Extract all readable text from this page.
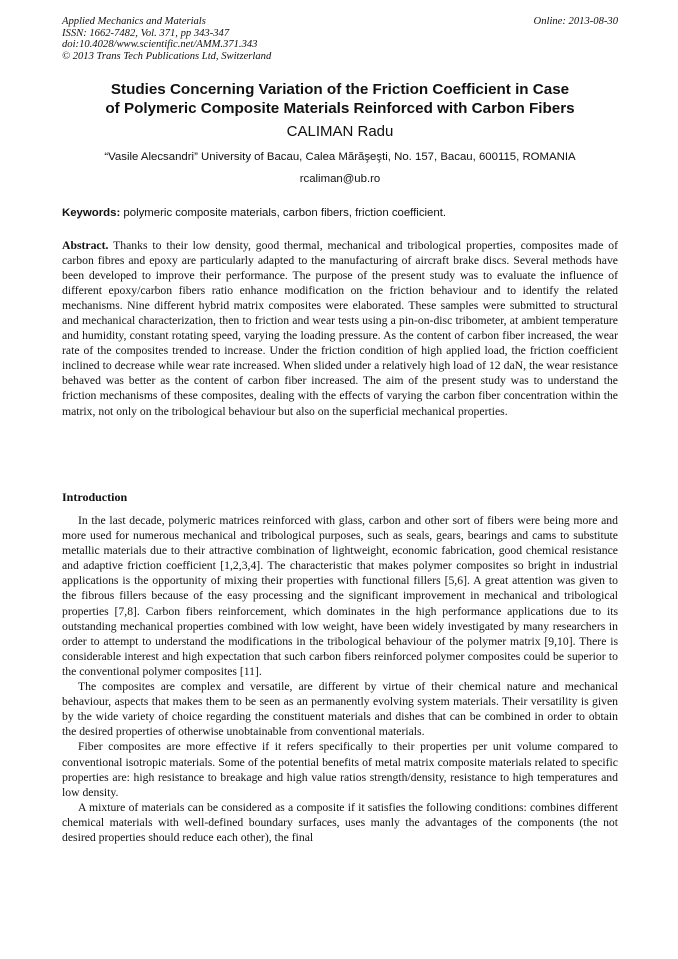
Applied Mechanics and Materials
ISSN: 1662-7482, Vol. 371, pp 343-347
doi:10.4028/www.scientific.net/AMM.371.343
© 2013 Trans Tech Publications Ltd, Switzerland
Online: 2013-08-30
Studies Concerning Variation of the Friction Coefficient in Case
of Polymeric Composite Materials Reinforced with Carbon Fibers
CALIMAN Radu
“Vasile Alecsandri” University of Bacau, Calea Mărăşeşti, No. 157, Bacau, 600115, ROMANIA
rcaliman@ub.ro
Keywords: polymeric composite materials, carbon fibers, friction coefficient.
Abstract. Thanks to their low density, good thermal, mechanical and tribological properties, composites made of carbon fibres and epoxy are particularly adapted to the manufacturing of aircraft brake discs. Several methods have been developed to improve their performance. The purpose of the present study was to evaluate the influence of different epoxy/carbon fibers ratio enhance modification on the friction behaviour and to identify the related mechanisms. Nine different hybrid matrix composites were elaborated. These samples were submitted to structural and mechanical characterization, then to friction and wear tests using a pin-on-disc tribometer, at ambient temperature and humidity, constant rotating speed, varying the loading pressure. As the content of carbon fiber increased, the wear rate of the composites trended to increase. Under the friction condition of high applied load, the friction coefficient inclined to decrease while wear rate increased. When slided under a relatively high load of 12 daN, the wear resistance behaved was better as the content of carbon fiber increased. The aim of the present study was to understand the friction mechanisms of these composites, dealing with the effects of varying the carbon fiber concentration within the matrix, not only on the tribological behaviour but also on the superficial mechanical properties.
Introduction

In the last decade, polymeric matrices reinforced with glass, carbon and other sort of fibers were being more and more used for numerous mechanical and tribological purposes, such as seals, gears, bearings and cams to substitute metallic materials due to their attractive combination of lightweight, economic fabrication, good chemical resistance and adaptive friction coefficient [1,2,3,4]. The characteristic that makes polymer composites so bright in industrial applications is the opportunity of mixing their properties with functional fillers [5,6]. A great attention was given to the fibrous fillers because of the easy processing and the significant improvement in mechanical and tribological properties [7,8]. Carbon fibers reinforcement, which dominates in the high performance applications due to its outstanding mechanical properties combined with low weight, have been widely investigated by many researchers in order to attempt to understand the modifications in the tribological behaviour of the polymer matrix [9,10]. There is considerable interest and high expectation that such carbon fibers reinforced polymer composites could be superior to the conventional polymer composites [11].

The composites are complex and versatile, are different by virtue of their chemical nature and mechanical behaviour, aspects that makes them to be seen as an permanently evolving system materials. Their versatility is given by the wide variety of choice regarding the constituent materials and dishes that can be combined in order to obtain the desired properties of otherwise unobtainable from conventional materials.

Fiber composites are more effective if it refers specifically to their properties per unit volume compared to conventional isotropic materials. Some of the potential benefits of metal matrix composite materials related to specific properties are: high resistance to breakage and high value ratios strength/density, resistance to high temperatures and low density.

A mixture of materials can be considered as a composite if it satisfies the following conditions: combines different chemical materials with well-defined boundary surfaces, uses manly the advantages of the components (the not desired properties should reduce each other), the final
